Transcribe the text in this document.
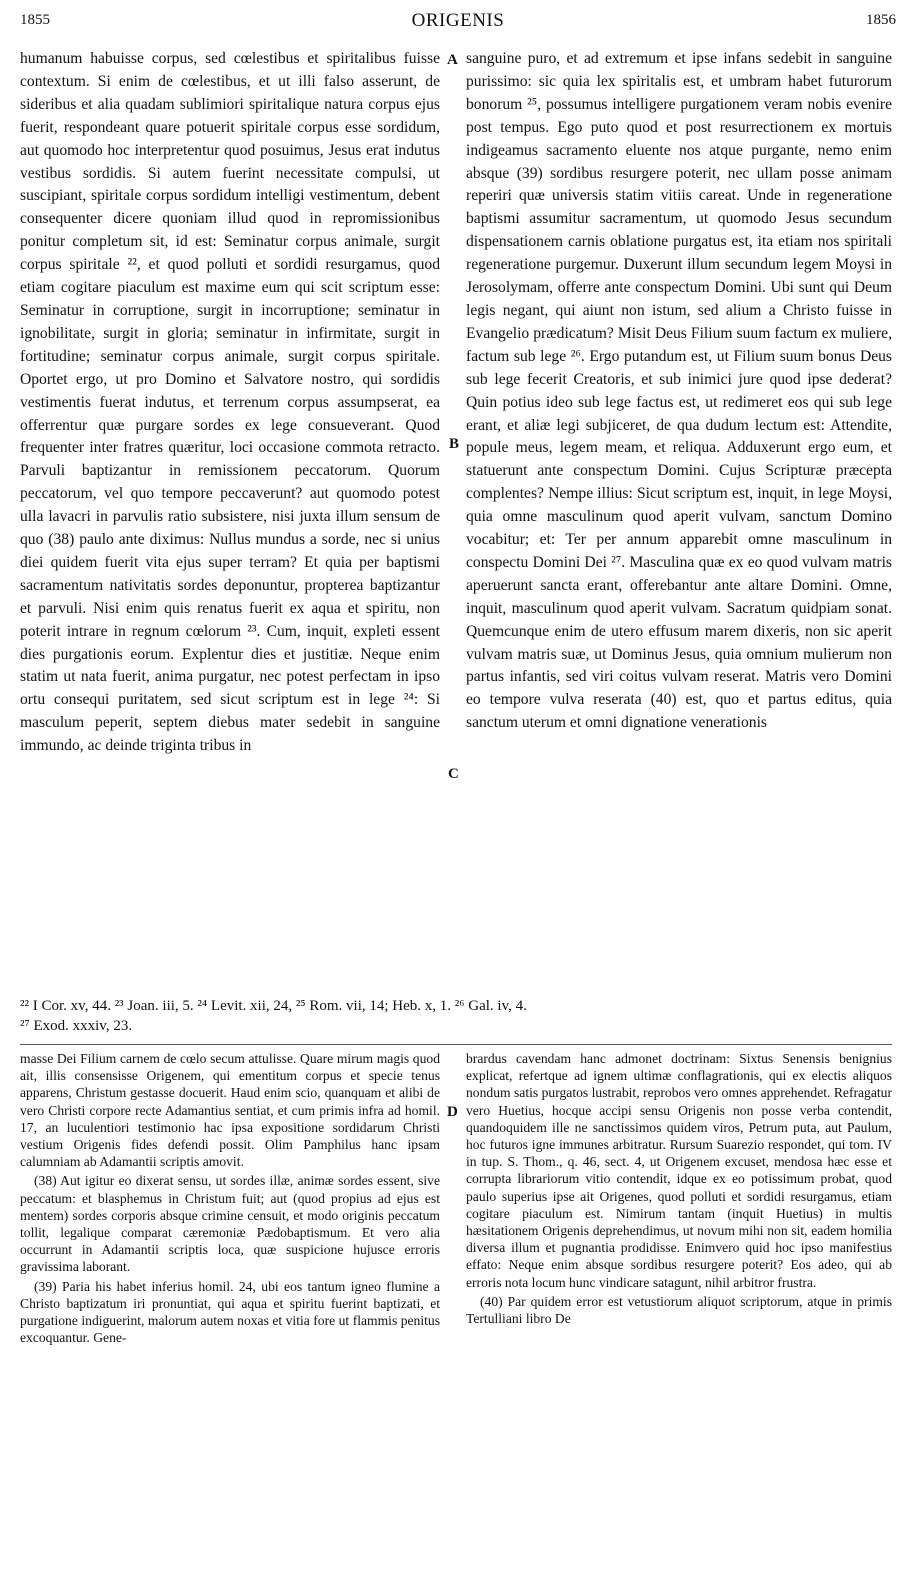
1855	ORIGENIS	1856
A
B
C
D

humanum habuisse corpus, sed cœlestibus et spiritalibus fuisse contextum. Si enim de cœlestibus, et ut illi falso asserunt, de sideribus et alia quadam sublimiori spiritalique natura corpus ejus fuerit, respondeant quare potuerit spiritale corpus esse sordidum, aut quomodo hoc interpretentur quod posuimus, Jesus erat indutus vestibus sordidis. Si autem fuerint necessitate compulsi, ut suscipiant, spiritale corpus sordidum intelligi vestimentum, debent consequenter dicere quoniam illud quod in repromissionibus ponitur completum sit, id est: Seminatur corpus animale, surgit corpus spiritale ²², et quod polluti et sordidi resurgamus, quod etiam cogitare piaculum est maxime eum qui scit scriptum esse: Seminatur in corruptione, surgit in incorruptione; seminatur in ignobilitate, surgit in gloria; seminatur in infirmitate, surgit in fortitudine; seminatur corpus animale, surgit corpus spiritale. Oportet ergo, ut pro Domino et Salvatore nostro, qui sordidis vestimentis fuerat indutus, et terrenum corpus assumpserat, ea offerrentur quæ purgare sordes ex lege consueverant. Quod frequenter inter fratres quæritur, loci occasione commota retracto. Parvuli baptizantur in remissionem peccatorum. Quorum peccatorum, vel quo tempore peccaverunt? aut quomodo potest ulla lavacri in parvulis ratio subsistere, nisi juxta illum sensum de quo (38) paulo ante diximus: Nullus mundus a sorde, nec si unius diei quidem fuerit vita ejus super terram? Et quia per baptismi sacramentum nativitatis sordes deponuntur, propterea baptizantur et parvuli. Nisi enim quis renatus fuerit ex aqua et spiritu, non poterit intrare in regnum cœlorum ²³. Cum, inquit, expleti essent dies purgationis eorum. Explentur dies et justitiæ. Neque enim statim ut nata fuerit, anima purgatur, nec potest perfectam in ipso ortu consequi puritatem, sed sicut scriptum est in lege ²⁴: Si masculum peperit, septem diebus mater sedebit in sanguine immundo, ac deinde triginta tribus in

sanguine puro, et ad extremum et ipse infans sedebit in sanguine purissimo: sic quia lex spiritalis est, et umbram habet futurorum bonorum ²⁵, possumus intelligere purgationem veram nobis evenire post tempus. Ego puto quod et post resurrectionem ex mortuis indigeamus sacramento eluente nos atque purgante, nemo enim absque (39) sordibus resurgere poterit, nec ullam posse animam reperiri quæ universis statim vitiis careat. Unde in regeneratione baptismi assumitur sacramentum, ut quomodo Jesus secundum dispensationem carnis oblatione purgatus est, ita etiam nos spiritali regeneratione purgemur. Duxerunt illum secundum legem Moysi in Jerosolymam, offerre ante conspectum Domini. Ubi sunt qui Deum legis negant, qui aiunt non istum, sed alium a Christo fuisse in Evangelio prædicatum? Misit Deus Filium suum factum ex muliere, factum sub lege ²⁶. Ergo putandum est, ut Filium suum bonus Deus sub lege fecerit Creatoris, et sub inimici jure quod ipse dederat? Quin potius ideo sub lege factus est, ut redimeret eos qui sub lege erant, et aliæ legi subjiceret, de qua dudum lectum est: Attendite, popule meus, legem meam, et reliqua. Adduxerunt ergo eum, et statuerunt ante conspectum Domini. Cujus Scripturæ præcepta complentes? Nempe illius: Sicut scriptum est, inquit, in lege Moysi, quia omne masculinum quod aperit vulvam, sanctum Domino vocabitur; et: Ter per annum apparebit omne masculinum in conspectu Domini Dei ²⁷. Masculina quæ ex eo quod vulvam matris aperuerunt sancta erant, offerebantur ante altare Domini. Omne, inquit, masculinum quod aperit vulvam. Sacratum quidpiam sonat. Quemcunque enim de utero effusum marem dixeris, non sic aperit vulvam matris suæ, ut Dominus Jesus, quia omnium mulierum non partus infantis, sed viri coitus vulvam reserat. Matris vero Domini eo tempore vulva reserata (40) est, quo et partus editus, quia sanctum uterum et omni dignatione venerationis

²² I Cor. xv, 44. ²³ Joan. iii, 5. ²⁴ Levit. xii, 24, ²⁵ Rom. vii, 14; Heb. x, 1. ²⁶ Gal. iv, 4.

²⁷ Exod. xxxiv, 23.

masse Dei Filium carnem de cœlo secum attulisse. Quare mirum magis quod ait, illis consensisse Origenem, qui ementitum corpus et specie tenus apparens, Christum gestasse docuerit. Haud enim scio, quanquam et alibi de vero Christi corpore recte Adamantius sentiat, et cum primis infra ad homil. 17, an luculentiori testimonio hac ipsa expositione sordidarum Christi vestium Origenis fides defendi possit. Olim Pamphilus hanc ipsam calumniam ab Adamantii scriptis amovit.

(38) Aut igitur eo dixerat sensu, ut sordes illæ, animæ sordes essent, sive peccatum: et blasphemus in Christum fuit; aut (quod propius ad ejus est mentem) sordes corporis absque crimine censuit, et modo originis peccatum tollit, legalique comparat cæremoniæ Pædobaptismum. Et vero alia occurrunt in Adamantii scriptis loca, quæ suspicione hujusce erroris gravissima laborant.

(39) Paria his habet inferius homil. 24, ubi eos tantum igneo flumine a Christo baptizatum iri pronuntiat, qui aqua et spiritu fuerint baptizati, et purgatione indiguerint, malorum autem noxas et vitia fore ut flammis penitus excoquantur. Gene-

brardus cavendam hanc admonet doctrinam: Sixtus Senensis benignius explicat, refertque ad ignem ultimæ conflagrationis, qui ex electis aliquos nondum satis purgatos lustrabit, reprobos vero omnes apprehendet. Refragatur vero Huetius, hocque accipi sensu Origenis non posse verba contendit, quandoquidem ille ne sanctissimos quidem viros, Petrum puta, aut Paulum, hoc futuros igne immunes arbitratur. Rursum Suarezio respondet, qui tom. IV in tup. S. Thom., q. 46, sect. 4, ut Origenem excuset, mendosa hæc esse et corrupta librariorum vitio contendit, idque ex eo potissimum probat, quod paulo superius ipse ait Origenes, quod polluti et sordidi resurgamus, etiam cogitare piaculum est. Nimirum tantam (inquit Huetius) in multis hæsitationem Origenis deprehendimus, ut novum mihi non sit, eadem homilia diversa illum et pugnantia prodidisse. Enimvero quid hoc ipso manifestius effato: Neque enim absque sordibus resurgere poterit? Eos adeo, qui ab erroris nota locum hunc vindicare satagunt, nihil arbitror frustra.

(40) Par quidem error est vetustiorum aliquot scriptorum, atque in primis Tertulliani libro De
